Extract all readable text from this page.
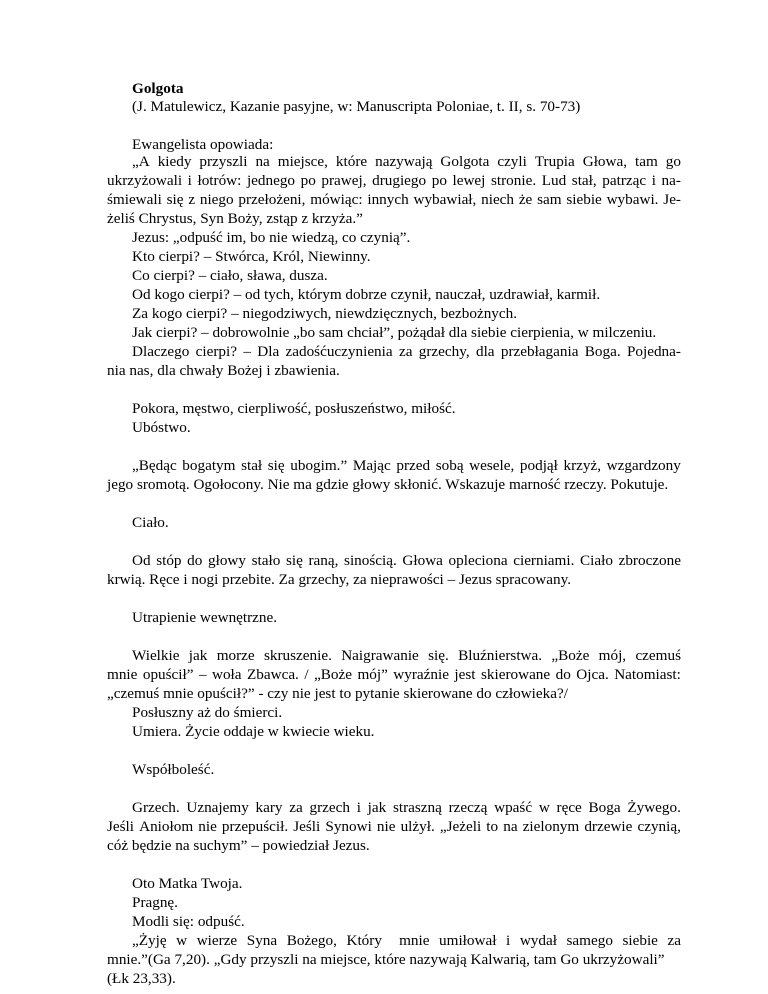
Golgota
(J. Matulewicz, Kazanie pasyjne, w: Manuscripta Poloniae, t. II, s. 70-73)
Ewangelista opowiada:
„A kiedy przyszli na miejsce, które nazywają Golgota czyli Trupia Głowa, tam go
ukrzyżowali i łotrów: jednego po prawej, drugiego po lewej stronie. Lud stał, patrząc i na-
śmiewali się z niego przełożeni, mówiąc: innych wybawiał, niech że sam siebie wybawi. Je-
żeliś Chrystus, Syn Boży, zstąp z krzyża.”
Jezus: „odpuść im, bo nie wiedzą, co czynią”.
Kto cierpi? – Stwórca, Król, Niewinny.
Co cierpi? – ciało, sława, dusza.
Od kogo cierpi? – od tych, którym dobrze czynił, nauczał, uzdrawiał, karmił.
Za kogo cierpi? – niegodziwych, niewdzięcznych, bezbożnych.
Jak cierpi? – dobrowolnie „bo sam chciał”, pożądał dla siebie cierpienia, w milczeniu.
Dlaczego cierpi? – Dla zadośćuczynienia za grzechy, dla przebłagania Boga. Pojedna-
nia nas, dla chwały Bożej i zbawienia.
Pokora, męstwo, cierpliwość, posłuszeństwo, miłość.
Ubóstwo.
„Będąc bogatym stał się ubogim.” Mając przed sobą wesele, podjął krzyż, wzgardzony
jego sromotą. Ogołocony. Nie ma gdzie głowy skłonić. Wskazuje marność rzeczy. Pokutuje.
Ciało.
Od stóp do głowy stało się raną, sinością. Głowa opleciona cierniami. Ciało zbroczone
krwią. Ręce i nogi przebite. Za grzechy, za nieprawości – Jezus spracowany.
Utrapienie wewnętrzne.
Wielkie jak morze skruszenie. Naigrawanie się. Bluźnierstwa. „Boże mój, czemuś
mnie opuścił” – woła Zbawca. / „Boże mój” wyraźnie jest skierowane do Ojca. Natomiast:
„czemuś mnie opuścił?” - czy nie jest to pytanie skierowane do człowieka?/
Posłuszny aż do śmierci.
Umiera. Życie oddaje w kwiecie wieku.
Współboleść.
Grzech. Uznajemy kary za grzech i jak straszną rzeczą wpaść w ręce Boga Żywego.
Jeśli Aniołom nie przepuścił. Jeśli Synowi nie ulżył. „Jeżeli to na zielonym drzewie czynią,
cóż będzie na suchym” – powiedział Jezus.
Oto Matka Twoja.
Pragnę.
Modli się: odpuść.
„Żyję w wierze Syna Bożego, Który mnie umiłował i wydał samego siebie za
mnie.”(Ga 7,20). „Gdy przyszli na miejsce, które nazywają Kalwarią, tam Go ukrzyżowali”
(Łk 23,33).
